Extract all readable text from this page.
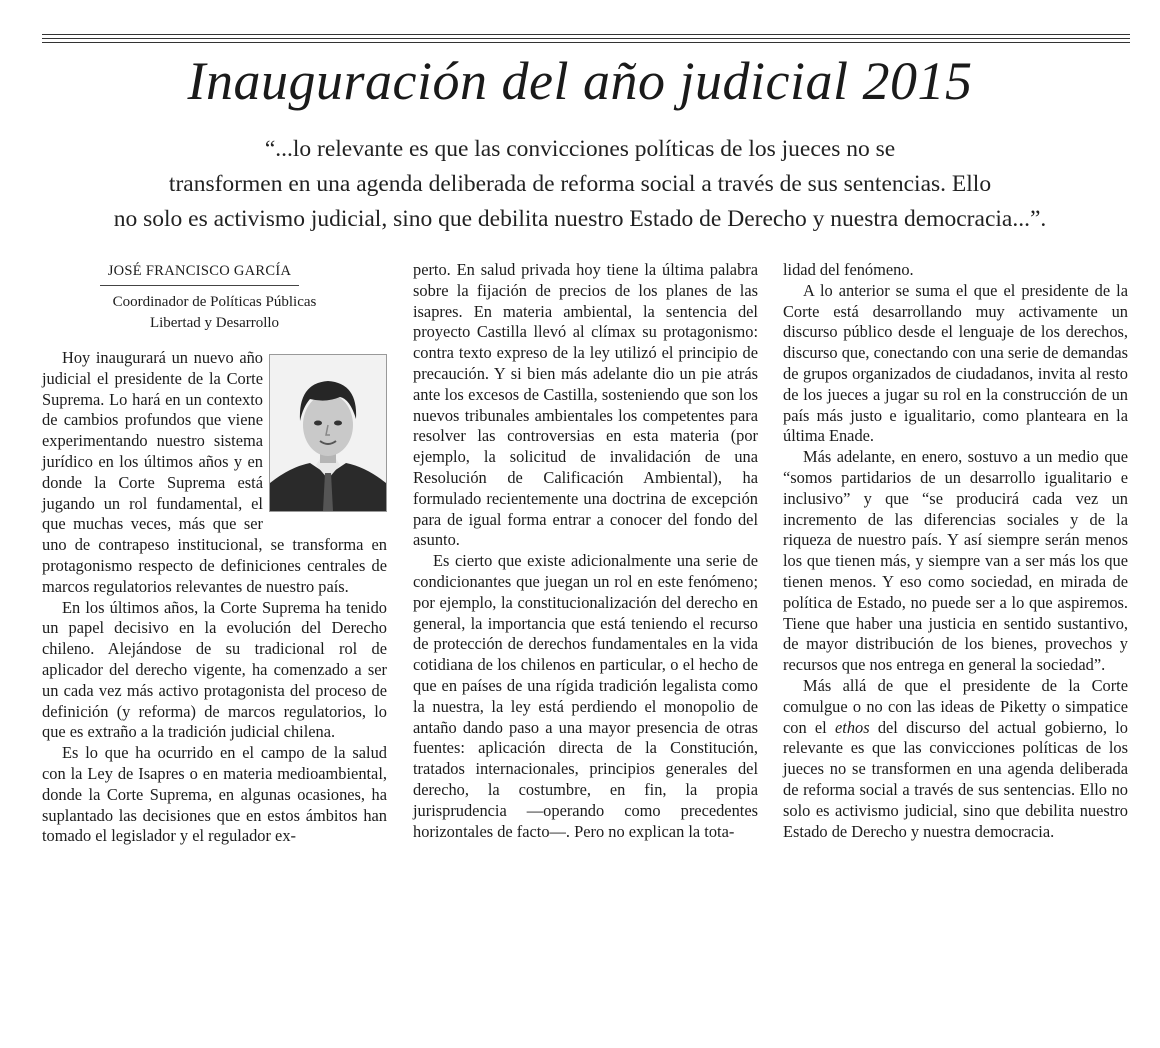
Inauguración del año judicial 2015
“...lo relevante es que las convicciones políticas de los jueces no se
transformen en una agenda deliberada de reforma social a través de sus sentencias. Ello
no solo es activismo judicial, sino que debilita nuestro Estado de Derecho y nuestra democracia...”.
JOSÉ FRANCISCO GARCÍA
Coordinador de Políticas Públicas
Libertad y Desarrollo

Hoy inaugurará un nuevo año judicial el presidente de la Corte Suprema. Lo hará en un contexto de cambios profundos que viene experimentando nuestro sistema jurídico en los últimos años y en donde la Corte Suprema está jugando un rol fundamental, el que muchas veces, más que ser uno de contrapeso institucional, se transforma en protagonismo respecto de definiciones centrales de marcos regulatorios relevantes de nuestro país.

En los últimos años, la Corte Suprema ha tenido un papel decisivo en la evolución del Derecho chileno. Alejándose de su tradicional rol de aplicador del derecho vigente, ha comenzado a ser un cada vez más activo protagonista del proceso de definición (y reforma) de marcos regulatorios, lo que es extraño a la tradición judicial chilena.

Es lo que ha ocurrido en el campo de la salud con la Ley de Isapres o en materia medioambiental, donde la Corte Suprema, en algunas ocasiones, ha suplantado las decisiones que en estos ámbitos han tomado el legislador y el regulador ex-

perto. En salud privada hoy tiene la última palabra sobre la fijación de precios de los planes de las isapres. En materia ambiental, la sentencia del proyecto Castilla llevó al clímax su protagonismo: contra texto expreso de la ley utilizó el principio de precaución. Y si bien más adelante dio un pie atrás ante los excesos de Castilla, sosteniendo que son los nuevos tribunales ambientales los competentes para resolver las controversias en esta materia (por ejemplo, la solicitud de invalidación de una Resolución de Calificación Ambiental), ha formulado recientemente una doctrina de excepción para de igual forma entrar a conocer del fondo del asunto.

Es cierto que existe adicionalmente una serie de condicionantes que juegan un rol en este fenómeno; por ejemplo, la constitucionalización del derecho en general, la importancia que está teniendo el recurso de protección de derechos fundamentales en la vida cotidiana de los chilenos en particular, o el hecho de que en países de una rígida tradición legalista como la nuestra, la ley está perdiendo el monopolio de antaño dando paso a una mayor presencia de otras fuentes: aplicación directa de la Constitución, tratados internacionales, principios generales del derecho, la costumbre, en fin, la propia jurisprudencia —operando como precedentes horizontales de facto—. Pero no explican la tota-

lidad del fenómeno.

A lo anterior se suma el que el presidente de la Corte está desarrollando muy activamente un discurso público desde el lenguaje de los derechos, discurso que, conectando con una serie de demandas de grupos organizados de ciudadanos, invita al resto de los jueces a jugar su rol en la construcción de un país más justo e igualitario, como planteara en la última Enade.

Más adelante, en enero, sostuvo a un medio que “somos partidarios de un desarrollo igualitario e inclusivo” y que “se producirá cada vez un incremento de las diferencias sociales y de la riqueza de nuestro país. Y así siempre serán menos los que tienen más, y siempre van a ser más los que tienen menos. Y eso como sociedad, en mirada de política de Estado, no puede ser a lo que aspiremos. Tiene que haber una justicia en sentido sustantivo, de mayor distribución de los bienes, provechos y recursos que nos entrega en general la sociedad”.

Más allá de que el presidente de la Corte comulgue o no con las ideas de Piketty o simpatice con el ethos del discurso del actual gobierno, lo relevante es que las convicciones políticas de los jueces no se transformen en una agenda deliberada de reforma social a través de sus sentencias. Ello no solo es activismo judicial, sino que debilita nuestro Estado de Derecho y nuestra democracia.
